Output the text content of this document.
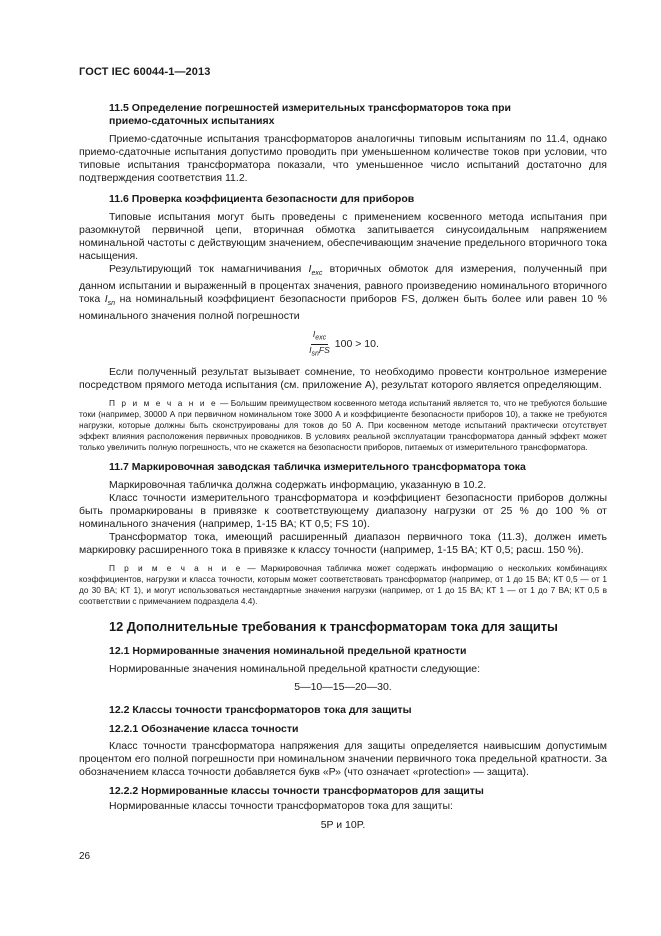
ГОСТ IEC 60044-1—2013

11.5 Определение погрешностей измерительных трансформаторов тока при приемо-сдаточных испытаниях

Приемо-сдаточные испытания трансформаторов аналогичны типовым испытаниям по 11.4, однако приемо-сдаточные испытания допустимо проводить при уменьшенном количестве токов при условии, что типовые испытания трансформатора показали, что уменьшенное число испытаний достаточно для подтверждения соответствия 11.2.

11.6 Проверка коэффициента безопасности для приборов

Типовые испытания могут быть проведены с применением косвенного метода испытания при разомкнутой первичной цепи, вторичная обмотка запитывается синусоидальным напряжением номинальной частоты с действующим значением, обеспечивающим значение предельного вторичного тока насыщения.

Результирующий ток намагничивания $I_{exc}$ вторичных обмоток для измерения, полученный при данном испытании и выраженный в процентах значения, равного произведению номинального вторичного тока $I_{sn}$ на номинальный коэффициент безопасности приборов FS, должен быть более или равен 10 % номинального значения полной погрешности

$\frac{I_{exc}}{I_{sn}FS} 100 > 10$.

Если полученный результат вызывает сомнение, то необходимо провести контрольное измерение посредством прямого метода испытания (см. приложение А), результат которого является определяющим.

П р и м е ч а н и е — Большим преимуществом косвенного метода испытаний является то, что не требуются большие токи (например, 30000 А при первичном номинальном токе 3000 А и коэффициенте безопасности приборов 10), а также не требуются нагрузки, которые должны быть сконструированы для токов до 50 А. При косвенном методе испытаний практически отсутствует эффект влияния расположения первичных проводников. В условиях реальной эксплуатации трансформатора данный эффект может только увеличить полную погрешность, что не скажется на безопасности приборов, питаемых от измерительного трансформатора.

11.7 Маркировочная заводская табличка измерительного трансформатора тока

Маркировочная табличка должна содержать информацию, указанную в 10.2.

Класс точности измерительного трансформатора и коэффициент безопасности приборов должны быть промаркированы в привязке к соответствующему диапазону нагрузки от 25 % до 100 % от номинального значения (например, 1-15 ВА; КТ 0,5; FS 10).

Трансформатор тока, имеющий расширенный диапазон первичного тока (11.3), должен иметь маркировку расширенного тока в привязке к классу точности (например, 1-15 ВА; КТ 0,5; расш. 150 %).

П р и м е ч а н и е — Маркировочная табличка может содержать информацию о нескольких комбинациях коэффициентов, нагрузки и класса точности, которым может соответствовать трансформатор (например, от 1 до 15 ВА; КТ 0,5 — от 1 до 30 ВА; КТ 1), и могут использоваться нестандартные значения нагрузки (например, от 1 до 15 ВА; КТ 1 — от 1 до 7 ВА; КТ 0,5 в соответствии с примечанием подраздела 4.4).

12 Дополнительные требования к трансформаторам тока для защиты

12.1 Нормированные значения номинальной предельной кратности

Нормированные значения номинальной предельной кратности следующие:

5—10—15—20—30.

12.2 Классы точности трансформаторов тока для защиты

12.2.1 Обозначение класса точности

Класс точности трансформатора напряжения для защиты определяется наивысшим допустимым процентом его полной погрешности при номинальном значении первичного тока предельной кратности. За обозначением класса точности добавляется букв «Р» (что означает «protection» — защита).

12.2.2 Нормированные классы точности трансформаторов для защиты

Нормированные классы точности трансформаторов тока для защиты:

5P и 10P.

26
